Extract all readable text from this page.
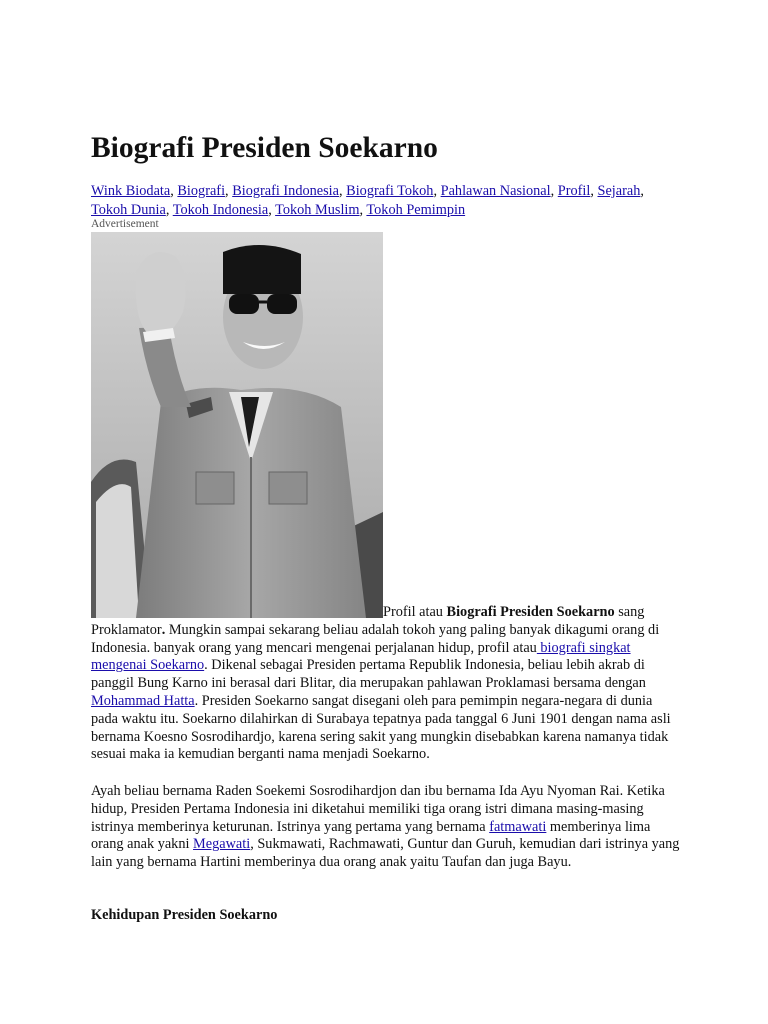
Biografi Presiden Soekarno
Wink Biodata, Biografi, Biografi Indonesia, Biografi Tokoh, Pahlawan Nasional, Profil, Sejarah, Tokoh Dunia, Tokoh Indonesia, Tokoh Muslim, Tokoh Pemimpin
Advertisement

Profil atau Biografi Presiden Soekarno sang Proklamator. Mungkin sampai sekarang beliau adalah tokoh yang paling banyak dikagumi orang di Indonesia. banyak orang yang mencari mengenai perjalanan hidup, profil atau biografi singkat mengenai Soekarno. Dikenal sebagai Presiden pertama Republik Indonesia, beliau lebih akrab di panggil Bung Karno ini berasal dari Blitar, dia merupakan pahlawan Proklamasi bersama dengan Mohammad Hatta. Presiden Soekarno sangat disegani oleh para pemimpin negara-negara di dunia pada waktu itu. Soekarno dilahirkan di Surabaya tepatnya pada tanggal 6 Juni 1901 dengan nama asli bernama Koesno Sosrodihardjo, karena sering sakit yang mungkin disebabkan karena namanya tidak sesuai maka ia kemudian berganti nama menjadi Soekarno.

Ayah beliau bernama Raden Soekemi Sosrodihardjon dan ibu bernama Ida Ayu Nyoman Rai. Ketika hidup, Presiden Pertama Indonesia ini diketahui memiliki tiga orang istri dimana masing-masing istrinya memberinya keturunan. Istrinya yang pertama yang bernama fatmawati memberinya lima orang anak yakni Megawati, Sukmawati, Rachmawati, Guntur dan Guruh, kemudian dari istrinya yang lain yang bernama Hartini memberinya dua orang anak yaitu Taufan dan juga Bayu.

Kehidupan Presiden Soekarno
